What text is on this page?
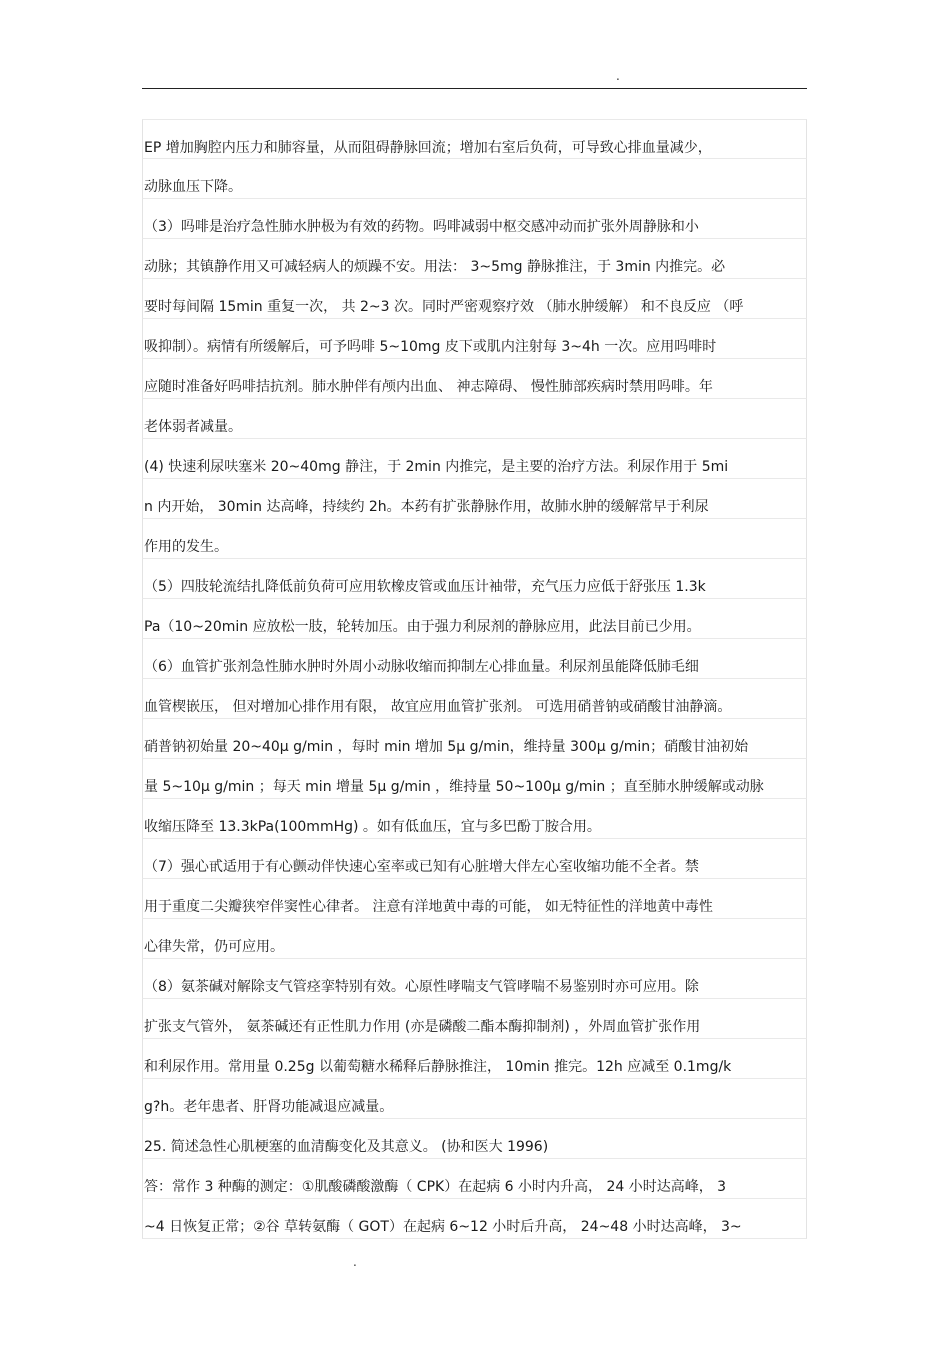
.
EP 增加胸腔内压力和肺容量，从而阻碍静脉回流；增加右室后负荷，可导致心排血量减少，
动脉血压下降。
（3）吗啡是治疗急性肺水肿极为有效的药物。吗啡减弱中枢交感冲动而扩张外周静脉和小
动脉；其镇静作用又可减轻病人的烦躁不安。用法： 3~5mg 静脉推注，于 3min 内推完。必
要时每间隔 15min 重复一次， 共 2~3 次。同时严密观察疗效 （肺水肿缓解） 和不良反应 （呼
吸抑制）。病情有所缓解后，可予吗啡 5~10mg 皮下或肌内注射每 3~4h 一次。应用吗啡时
应随时准备好吗啡拮抗剂。肺水肿伴有颅内出血、 神志障碍、 慢性肺部疾病时禁用吗啡。年
老体弱者减量。
(4) 快速利尿呋塞米 20~40mg 静注，于 2min 内推完，是主要的治疗方法。利尿作用于 5mi
n 内开始， 30min 达高峰，持续约 2h。本药有扩张静脉作用，故肺水肿的缓解常早于利尿
作用的发生。
（5）四肢轮流结扎降低前负荷可应用软橡皮管或血压计袖带，充气压力应低于舒张压 1.3k
Pa（10~20min 应放松一肢，轮转加压。由于强力利尿剂的静脉应用，此法目前已少用。
（6）血管扩张剂急性肺水肿时外周小动脉收缩而抑制左心排血量。利尿剂虽能降低肺毛细
血管楔嵌压， 但对增加心排作用有限， 故宜应用血管扩张剂。 可选用硝普钠或硝酸甘油静滴。
硝普钠初始量 20~40μ g/min ，每时 min 增加 5μ g/min，维持量 300μ g/min；硝酸甘油初始
量 5~10μ g/min ；每天 min 增量 5μ g/min ，维持量 50~100μ g/min ；直至肺水肿缓解或动脉
收缩压降至 13.3kPa(100mmHg) 。如有低血压，宜与多巴酚丁胺合用。
（7）强心甙适用于有心颤动伴快速心室率或已知有心脏增大伴左心室收缩功能不全者。禁
用于重度二尖瓣狭窄伴窦性心律者。 注意有洋地黄中毒的可能， 如无特征性的洋地黄中毒性
心律失常，仍可应用。
（8）氨茶碱对解除支气管痉挛特别有效。心原性哮喘支气管哮喘不易鉴别时亦可应用。除
扩张支气管外， 氨茶碱还有正性肌力作用 (亦是磷酸二酯本酶抑制剂) ，外周血管扩张作用
和利尿作用。常用量 0.25g 以葡萄糖水稀释后静脉推注， 10min 推完。12h 应减至 0.1mg/k
g?h。老年患者、肝肾功能减退应减量。
25. 简述急性心肌梗塞的血清酶变化及其意义。 (协和医大 1996)
答：常作 3 种酶的测定：①肌酸磷酸激酶（ CPK）在起病 6 小时内升高， 24 小时达高峰， 3
~4 日恢复正常；②谷 草转氨酶（ GOT）在起病 6~12 小时后升高， 24~48 小时达高峰， 3~
.
